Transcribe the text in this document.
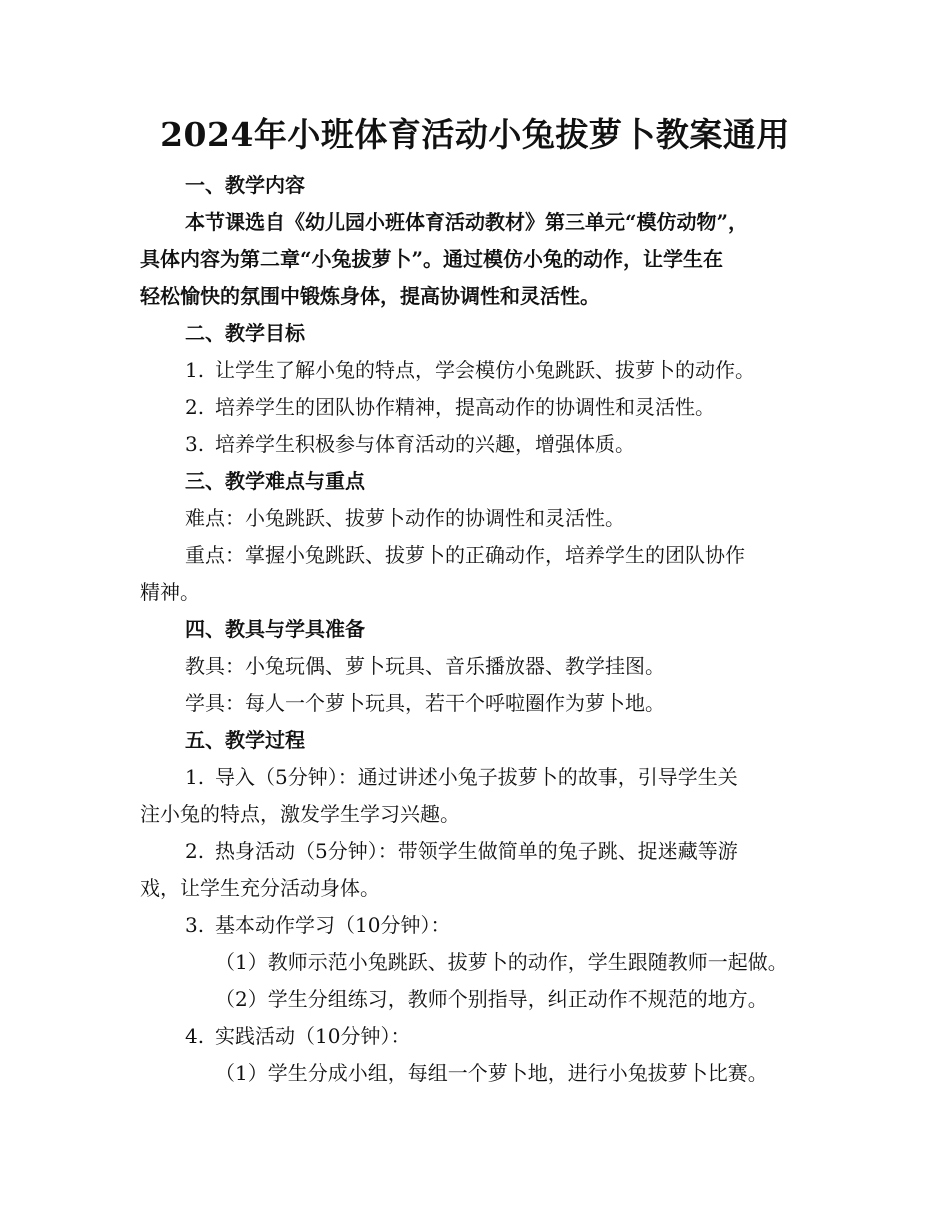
2024年小班体育活动小兔拔萝卜教案通用
一、教学内容
本节课选自《幼儿园小班体育活动教材》第三单元“模仿动物”，
具体内容为第二章“小兔拔萝卜”。通过模仿小兔的动作，让学生在
轻松愉快的氛围中锻炼身体，提高协调性和灵活性。
二、教学目标
1. 让学生了解小兔的特点，学会模仿小兔跳跃、拔萝卜的动作。
2. 培养学生的团队协作精神，提高动作的协调性和灵活性。
3. 培养学生积极参与体育活动的兴趣，增强体质。
三、教学难点与重点
难点：小兔跳跃、拔萝卜动作的协调性和灵活性。
重点：掌握小兔跳跃、拔萝卜的正确动作，培养学生的团队协作
精神。
四、教具与学具准备
教具：小兔玩偶、萝卜玩具、音乐播放器、教学挂图。
学具：每人一个萝卜玩具，若干个呼啦圈作为萝卜地。
五、教学过程
1. 导入（5分钟）：通过讲述小兔子拔萝卜的故事，引导学生关
注小兔的特点，激发学生学习兴趣。
2. 热身活动（5分钟）：带领学生做简单的兔子跳、捉迷藏等游
戏，让学生充分活动身体。
3. 基本动作学习（10分钟）：
（1）教师示范小兔跳跃、拔萝卜的动作，学生跟随教师一起做。
（2）学生分组练习，教师个别指导，纠正动作不规范的地方。
4. 实践活动（10分钟）：
（1）学生分成小组，每组一个萝卜地，进行小兔拔萝卜比赛。
